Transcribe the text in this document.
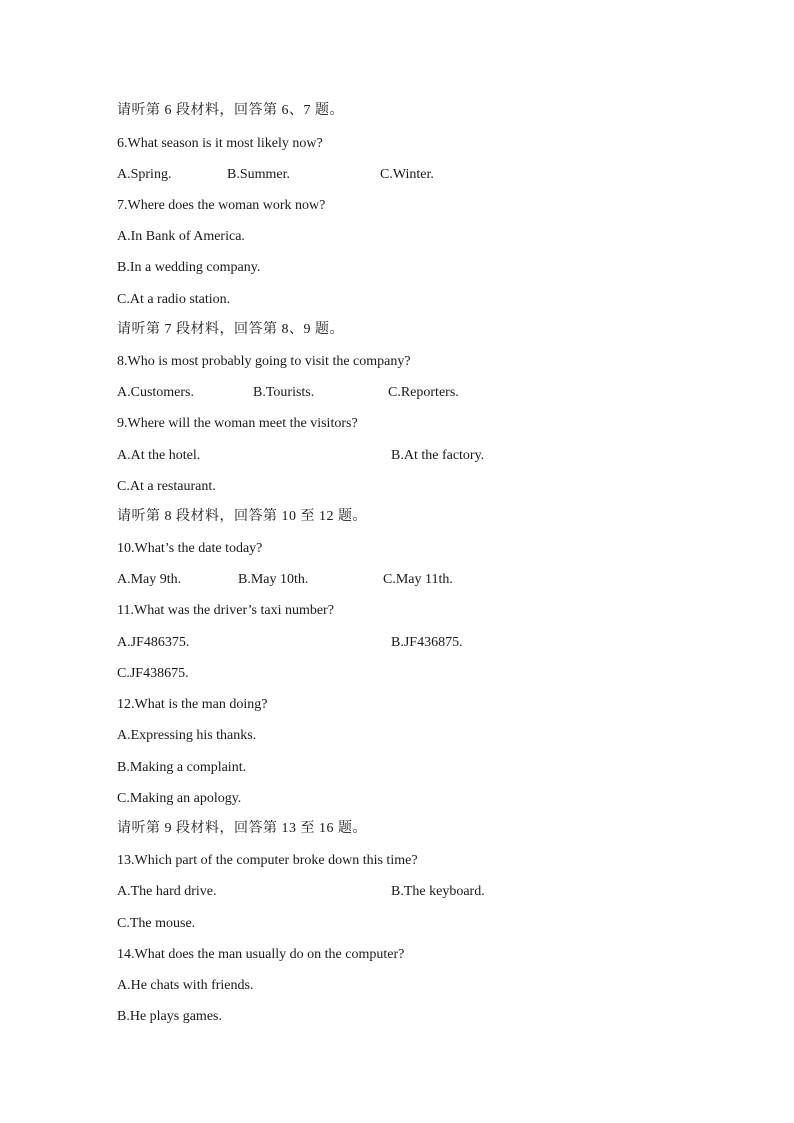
请听第 6 段材料，回答第 6、7 题。
6.What season is it most likely now?
A.Spring.	B.Summer.	C.Winter.
7.Where does the woman work now?
A.In Bank of America.
B.In a wedding company.
C.At a radio station.
请听第 7 段材料，回答第 8、9 题。
8.Who is most probably going to visit the company?
A.Customers.	B.Tourists.	C.Reporters.
9.Where will the woman meet the visitors?
A.At the hotel.	B.At the factory.
C.At a restaurant.
请听第 8 段材料，回答第 10 至 12 题。
10.What’s the date today?
A.May 9th.	B.May 10th.	C.May 11th.
11.What was the driver’s taxi number?
A.JF486375.	B.JF436875.
C.JF438675.
12.What is the man doing?
A.Expressing his thanks.
B.Making a complaint.
C.Making an apology.
请听第 9 段材料，回答第 13 至 16 题。
13.Which part of the computer broke down this time?
A.The hard drive.	B.The keyboard.
C.The mouse.
14.What does the man usually do on the computer?
A.He chats with friends.
B.He plays games.
